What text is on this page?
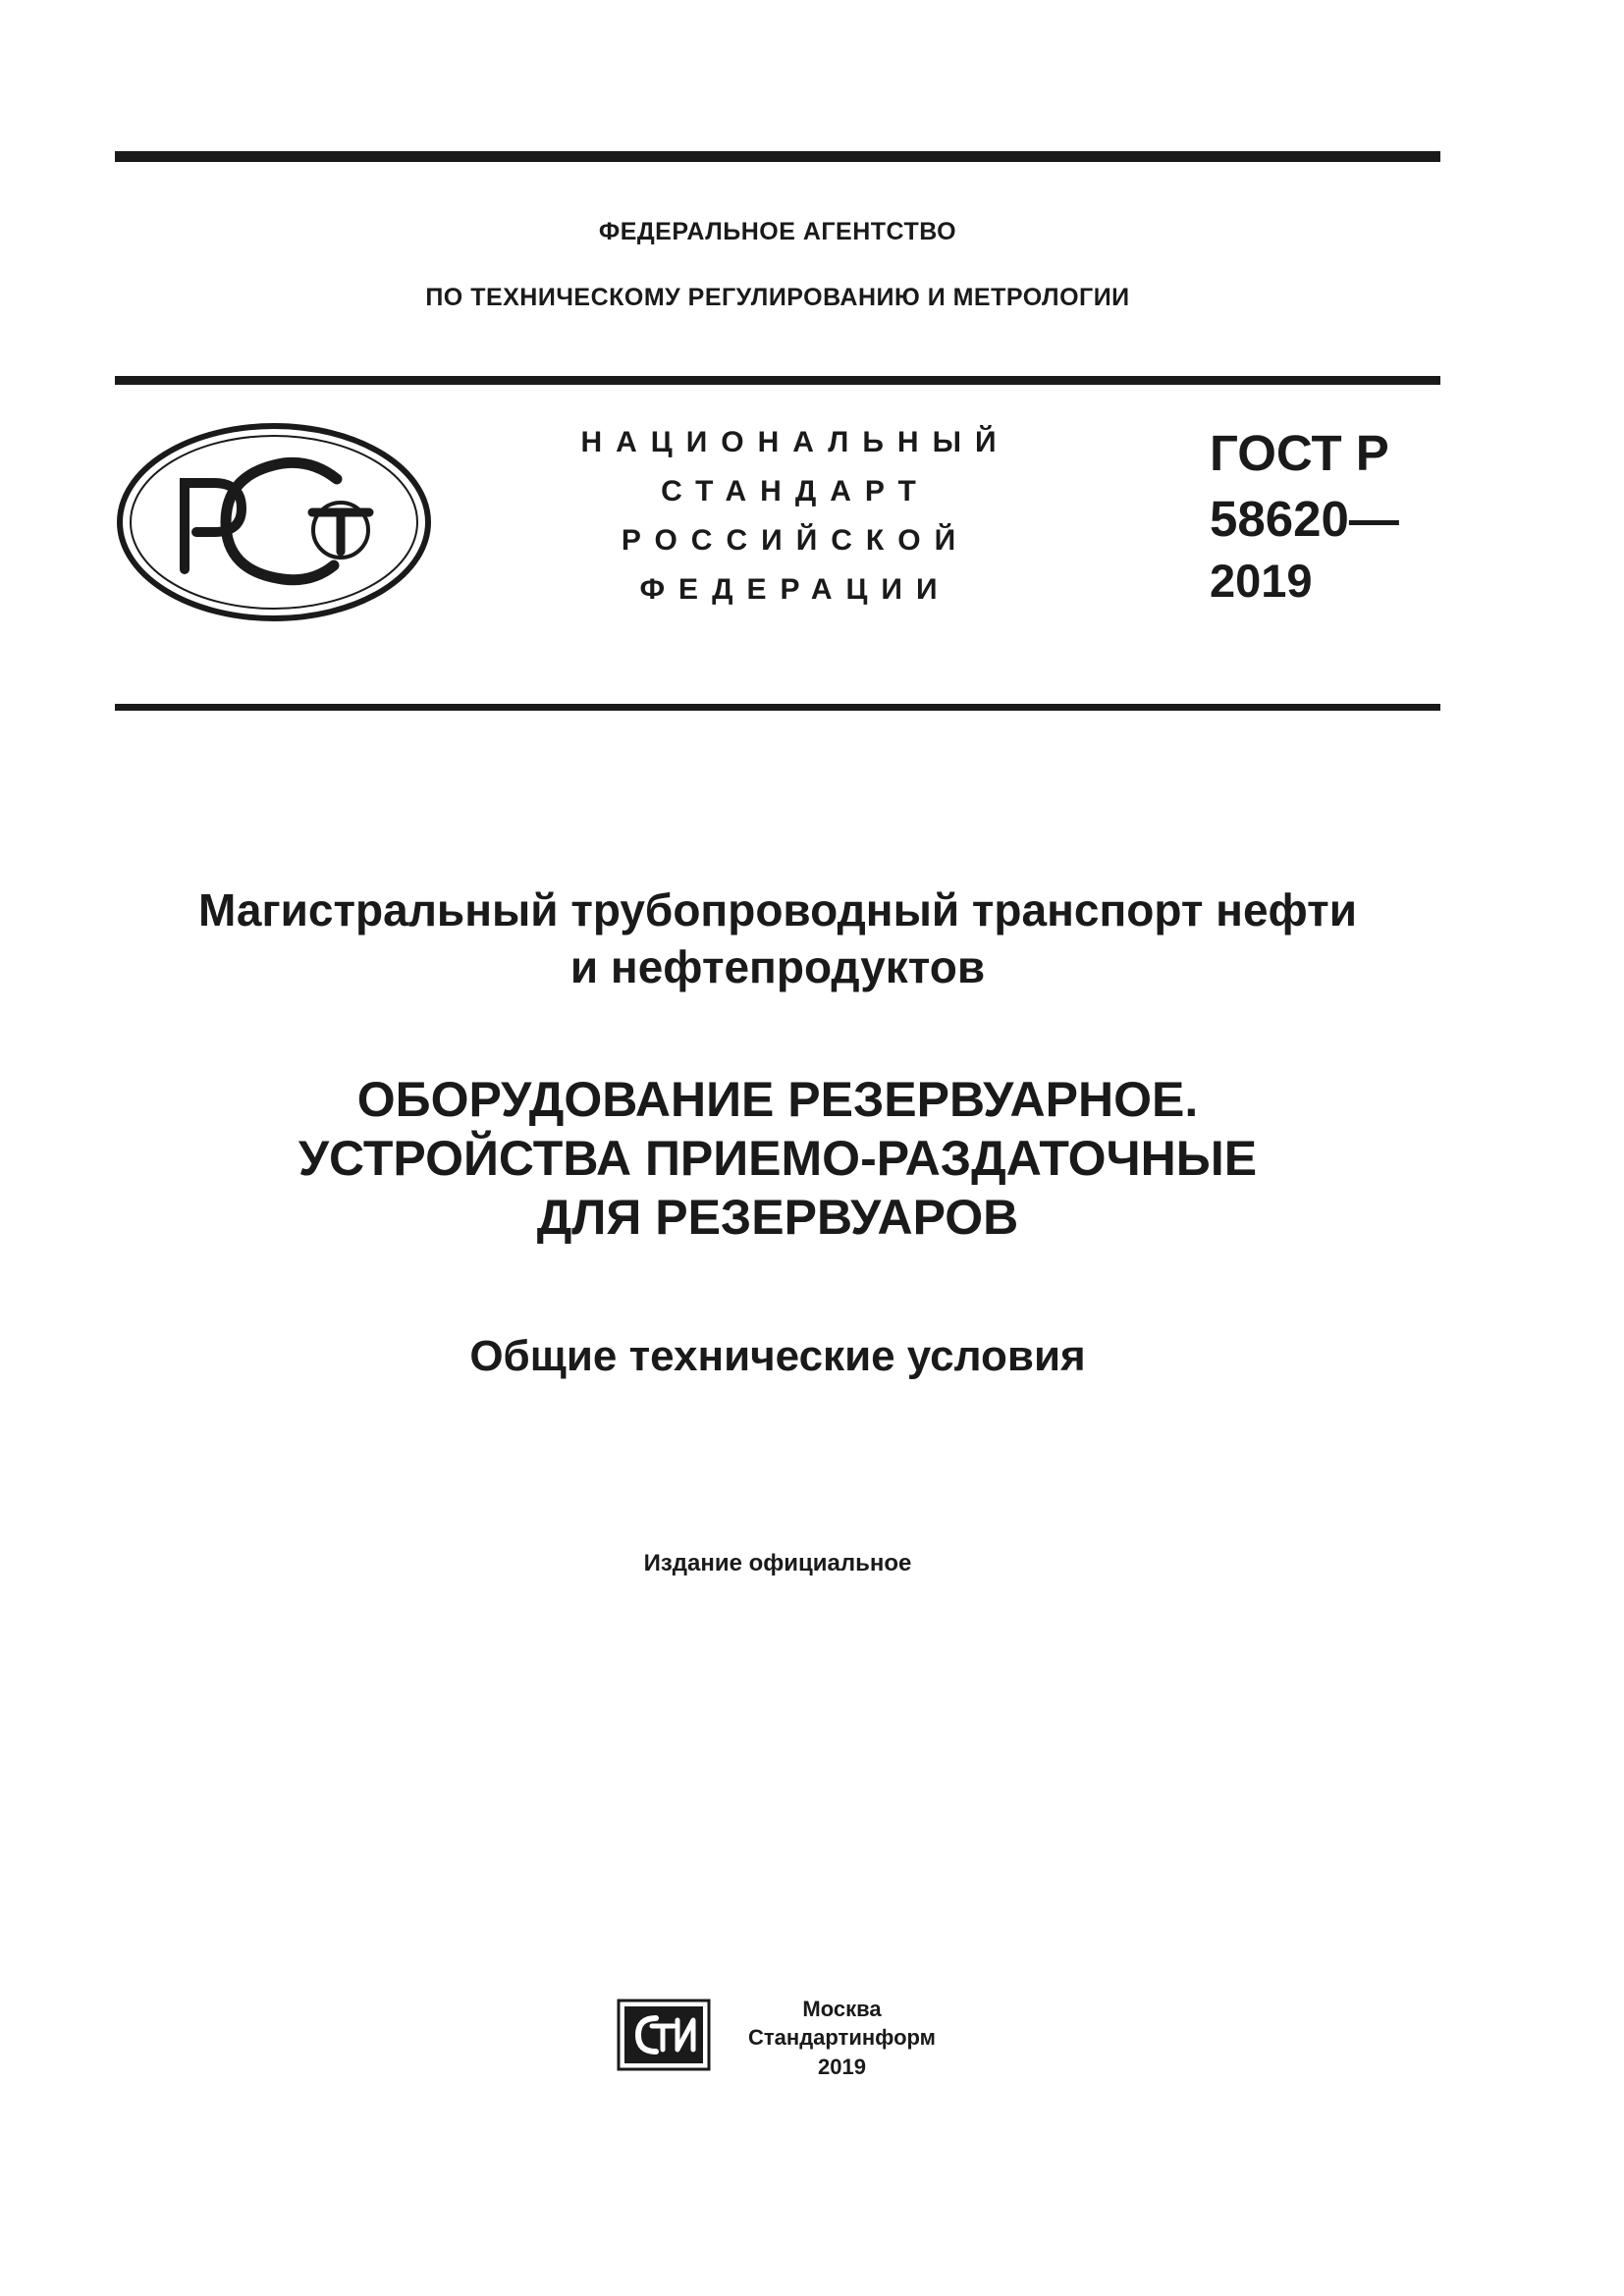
ФЕДЕРАЛЬНОЕ АГЕНТСТВО
ПО ТЕХНИЧЕСКОМУ РЕГУЛИРОВАНИЮ И МЕТРОЛОГИИ
НАЦИОНАЛЬНЫЙ
СТАНДАРТ
РОССИЙСКОЙ
ФЕДЕРАЦИИ
ГОСТ Р
58620—
2019
Магистральный трубопроводный транспорт нефти
и нефтепродуктов
ОБОРУДОВАНИЕ РЕЗЕРВУАРНОЕ.
УСТРОЙСТВА ПРИЕМО-РАЗДАТОЧНЫЕ
ДЛЯ РЕЗЕРВУАРОВ
Общие технические условия
Издание официальное
Москва
Стандартинформ
2019
